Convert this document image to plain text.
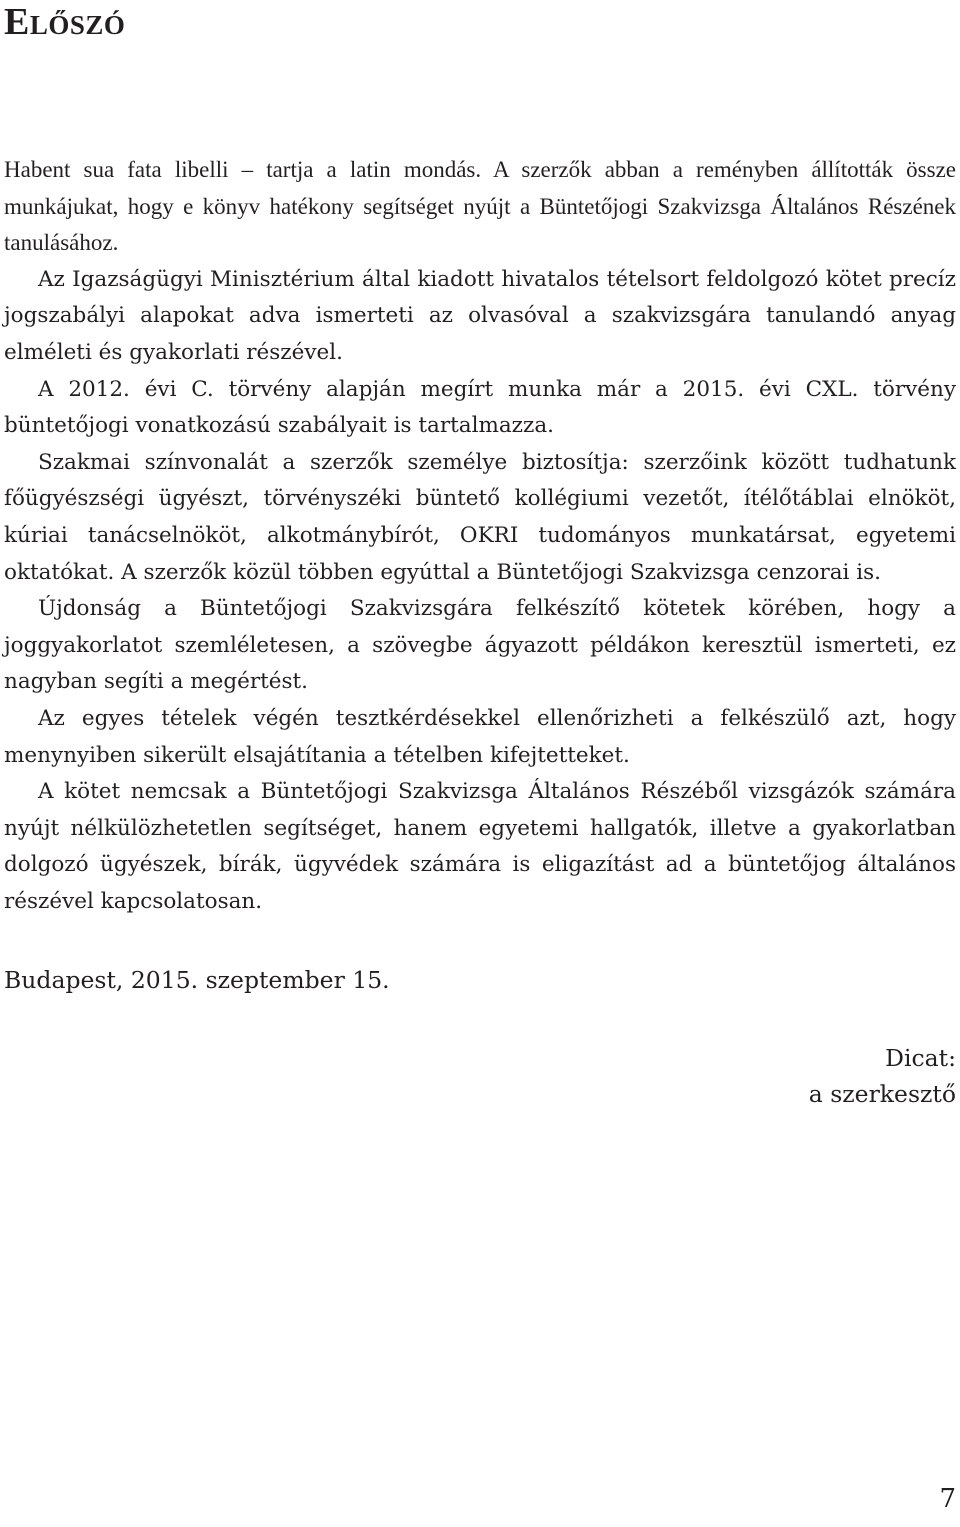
Előszó

Habent sua fata libelli – tartja a latin mondás. A szerzők abban a reményben állították össze munkájukat, hogy e könyv hatékony segítséget nyújt a Büntetőjogi Szakvizsga Általános Részének tanulásához.

Az Igazságügyi Minisztérium által kiadott hivatalos tételsort feldolgozó kötet precíz jogszabályi alapokat adva ismerteti az olvasóval a szakvizsgára tanulandó anyag elméleti és gyakorlati részével.

A 2012. évi C. törvény alapján megírt munka már a 2015. évi CXL. törvény büntetőjogi vonatkozású szabályait is tartalmazza.

Szakmai színvonalát a szerzők személye biztosítja: szerzőink között tudhatunk főügyészségi ügyészt, törvényszéki büntető kollégiumi vezetőt, ítélőtáblai elnököt, kúriai tanácselnököt, alkotmánybírót, OKRI tudományos munkatársat, egyetemi oktatókat. A szerzők közül többen egyúttal a Büntetőjogi Szakvizsga cenzorai is.

Újdonság a Büntetőjogi Szakvizsgára felkészítő kötetek körében, hogy a joggyakorlatot szemléletesen, a szövegbe ágyazott példákon keresztül ismerteti, ez nagyban segíti a megértést.

Az egyes tételek végén tesztkérdésekkel ellenőrizheti a felkészülő azt, hogy menynyiben sikerült elsajátítania a tételben kifejtetteket.

A kötet nemcsak a Büntetőjogi Szakvizsga Általános Részéből vizsgázók számára nyújt nélkülözhetetlen segítséget, hanem egyetemi hallgatók, illetve a gyakorlatban dolgozó ügyészek, bírák, ügyvédek számára is eligazítást ad a büntetőjog általános részével kapcsolatosan.

Budapest, 2015. szeptember 15.

Dicat:
a szerkesztő
7
